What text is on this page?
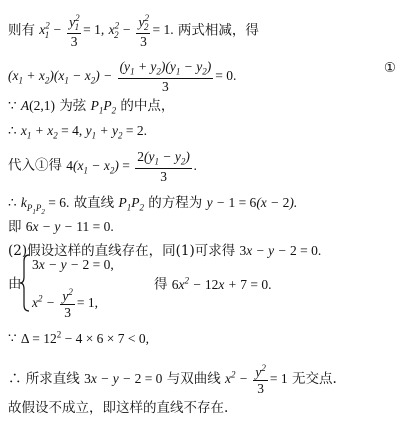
则有 $x^2_1 - \frac{y^2_1}{3} = 1$, $x^2_2 - \frac{y^2_2}{3} = 1$. 两式相减，得
$(x_1 + x_2)(x_1 - x_2) - \frac{(y_1 + y_2)(y_1 - y_2)}{3} = 0$.	①
∵ A(2,1) 为弦 $P_1P_2$ 的中点，
∴ $x_1 + x_2 = 4$, $y_1 + y_2 = 2$.
代入①得 $4(x_1 - x_2) = \frac{2(y_1 - y_2)}{3}$ .
∴ $k_{P_1P_2} = 6$. 故直线 $P_1P_2$ 的方程为 y − 1 = 6(x − 2).
即 6x − y − 11 = 0.
(2)假设这样的直线存在，同(1)可求得 3x − y − 2 = 0.
由
3x − y − 2 = 0,
$x^2 - \frac{y^2}{3} = 1$,
得 $6x^2 - 12x + 7 = 0$.
∵ $\Delta = 12^2 - 4 \times 6 \times 7 < 0$,
∴ 所求直线 3x − y − 2 = 0 与双曲线 $x^2 - \frac{y^2}{3} = 1$ 无交点.
故假设不成立，即这样的直线不存在.
